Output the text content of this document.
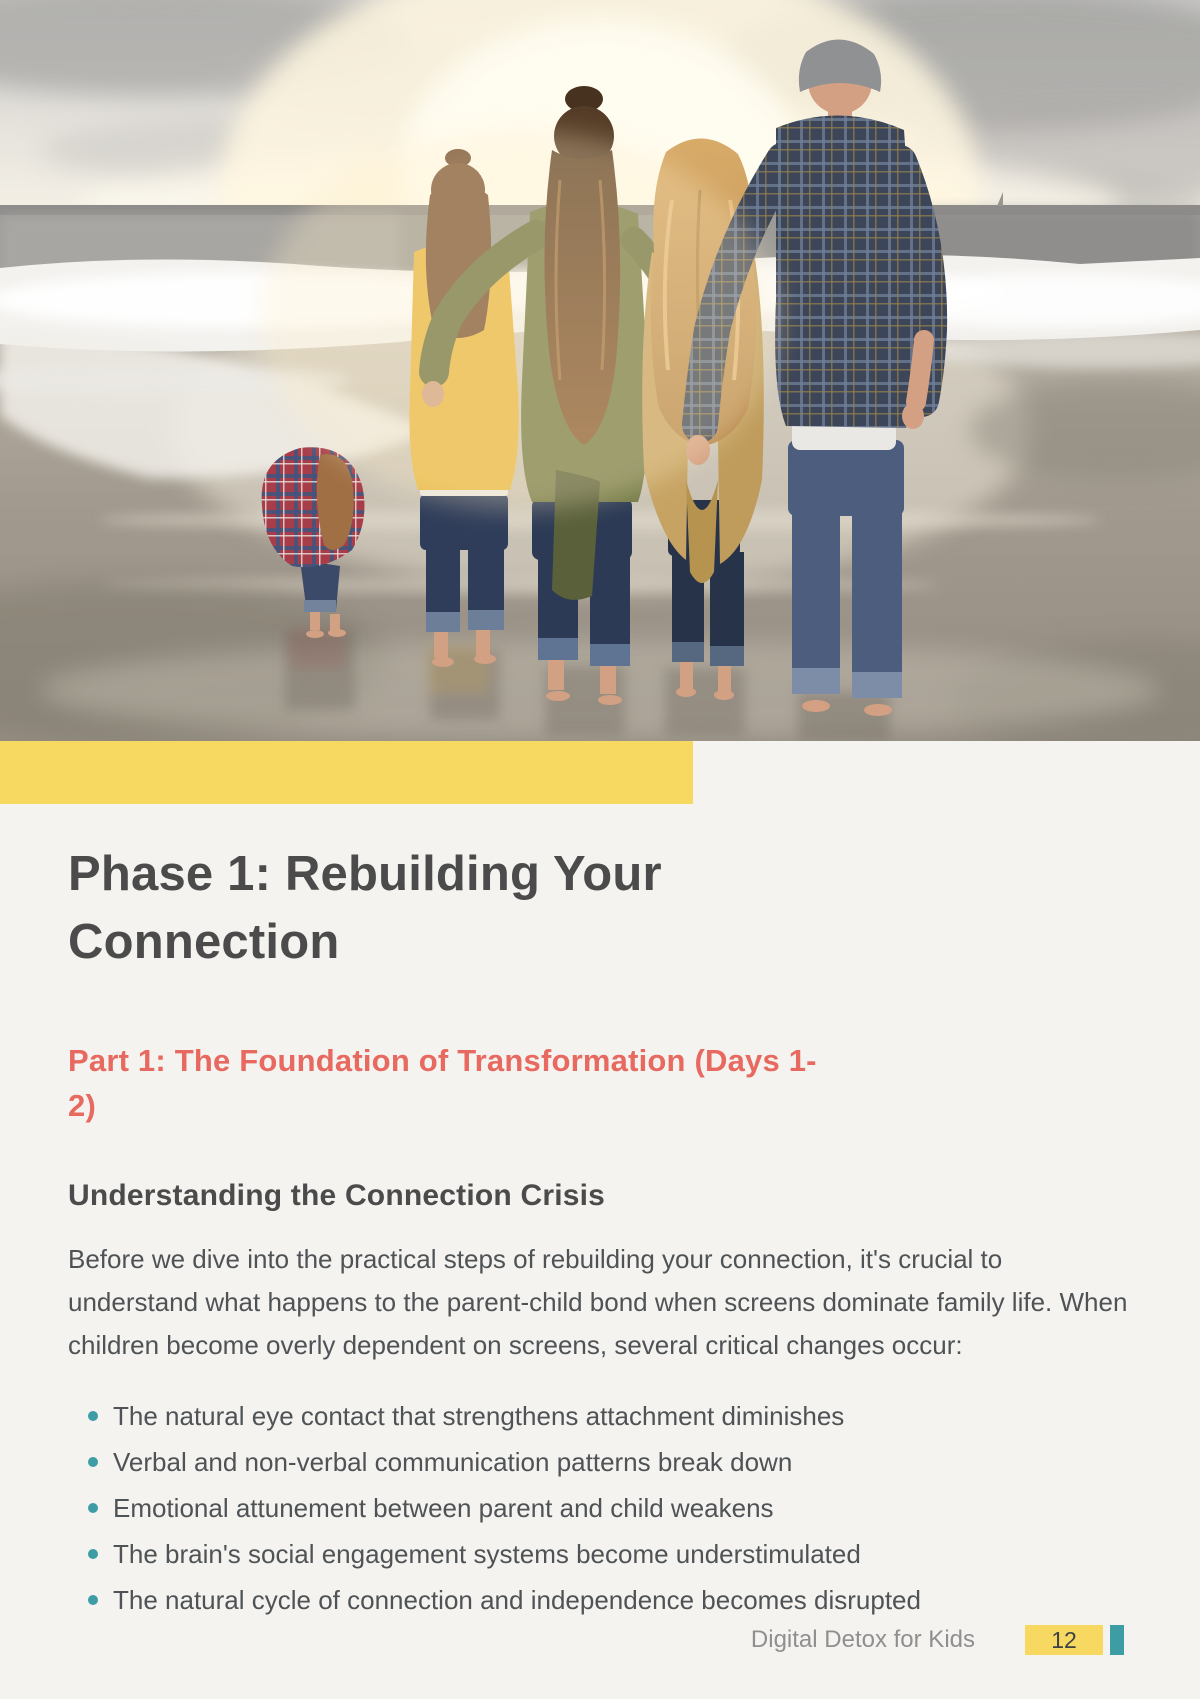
Phase 1: Rebuilding Your
Connection
Part 1: The Foundation of Transformation (Days 1-
2)
Understanding the Connection Crisis

Before we dive into the practical steps of rebuilding your connection, it's crucial to understand what happens to the parent-child bond when screens dominate family life. When children become overly dependent on screens, several critical changes occur:

The natural eye contact that strengthens attachment diminishes
Verbal and non-verbal communication patterns break down
Emotional attunement between parent and child weakens
The brain's social engagement systems become understimulated
The natural cycle of connection and independence becomes disrupted
Digital Detox for Kids	12
